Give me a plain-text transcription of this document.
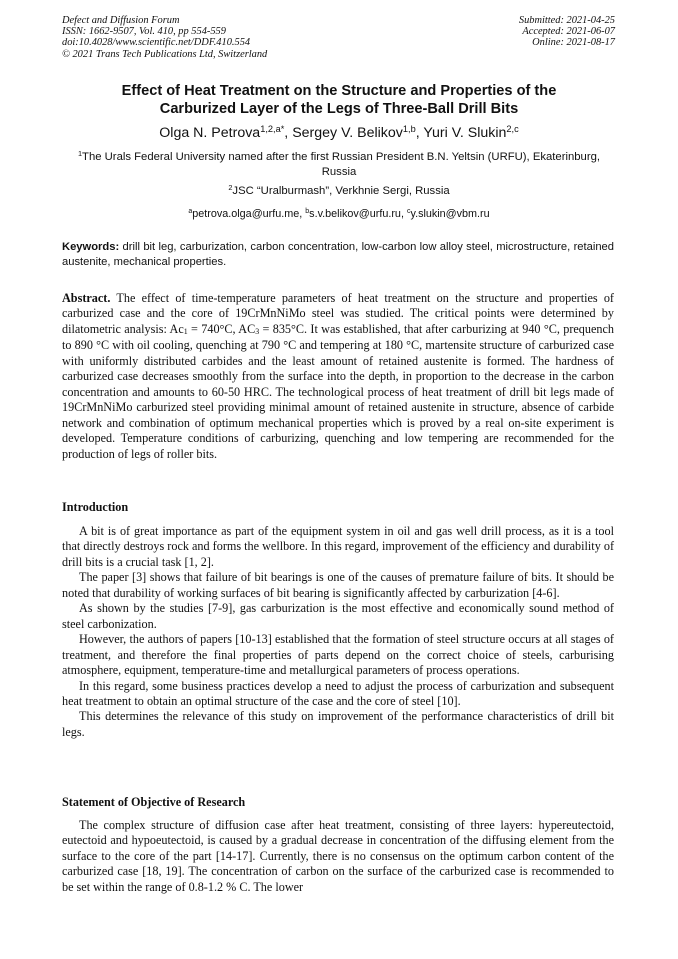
Defect and Diffusion Forum
ISSN: 1662-9507, Vol. 410, pp 554-559
doi:10.4028/www.scientific.net/DDF.410.554
© 2021 Trans Tech Publications Ltd, Switzerland
Submitted: 2021-04-25
Accepted: 2021-06-07
Online: 2021-08-17
Effect of Heat Treatment on the Structure and Properties of the
Carburized Layer of the Legs of Three-Ball Drill Bits
Olga N. Petrova$^{1,2,a*}$, Sergey V. Belikov$^{1,b}$, Yuri V. Slukin$^{2,c}$
$^1$The Urals Federal University named after the first Russian President B.N. Yeltsin (URFU), Ekaterinburg, Russia
$^2$JSC “Uralburmash”, Verkhnie Sergi, Russia
$^a$petrova.olga@urfu.me, $^b$s.v.belikov@urfu.ru, $^c$y.slukin@vbm.ru
Keywords: drill bit leg, carburization, carbon concentration, low-carbon low alloy steel, microstructure, retained austenite, mechanical properties.
Abstract. The effect of time-temperature parameters of heat treatment on the structure and properties of carburized case and the core of 19CrMnNiMo steel was studied. The critical points were determined by dilatometric analysis: $Ac_1 = 740^\circ C$, $AC_3 = 835^\circ C$. It was established, that after carburizing at 940 °C, prequench to 890 °C with oil cooling, quenching at 790 °C and tempering at 180 °C, martensite structure of carburized case with uniformly distributed carbides and the least amount of retained austenite is formed. The hardness of carburized case decreases smoothly from the surface into the depth, in proportion to the decrease in the carbon concentration and amounts to 60-50 HRC. The technological process of heat treatment of drill bit legs made of 19CrMnNiMo carburized steel providing minimal amount of retained austenite in structure, absence of carbide network and combination of optimum mechanical properties which is proved by a real on-site experiment is developed. Temperature conditions of carburizing, quenching and low tempering are recommended for the production of legs of roller bits.
Introduction

A bit is of great importance as part of the equipment system in oil and gas well drill process, as it is a tool that directly destroys rock and forms the wellbore. In this regard, improvement of the efficiency and durability of drill bits is a crucial task [1, 2].

The paper [3] shows that failure of bit bearings is one of the causes of premature failure of bits. It should be noted that durability of working surfaces of bit bearing is significantly affected by carburization [4-6].

As shown by the studies [7-9], gas carburization is the most effective and economically sound method of steel carbonization.

However, the authors of papers [10-13] established that the formation of steel structure occurs at all stages of treatment, and therefore the final properties of parts depend on the correct choice of steels, carburising atmosphere, equipment, temperature-time and metallurgical parameters of process operations.

In this regard, some business practices develop a need to adjust the process of carburization and subsequent heat treatment to obtain an optimal structure of the case and the core of steel [10].

This determines the relevance of this study on improvement of the performance characteristics of drill bit legs.

Statement of Objective of Research

The complex structure of diffusion case after heat treatment, consisting of three layers: hypereutectoid, eutectoid and hypoeutectoid, is caused by a gradual decrease in concentration of the diffusing element from the surface to the core of the part [14-17]. Currently, there is no consensus on the optimum carbon content of the carburized case [18, 19]. The concentration of carbon on the surface of the carburized case is recommended to be set within the range of 0.8-1.2 % C. The lower
